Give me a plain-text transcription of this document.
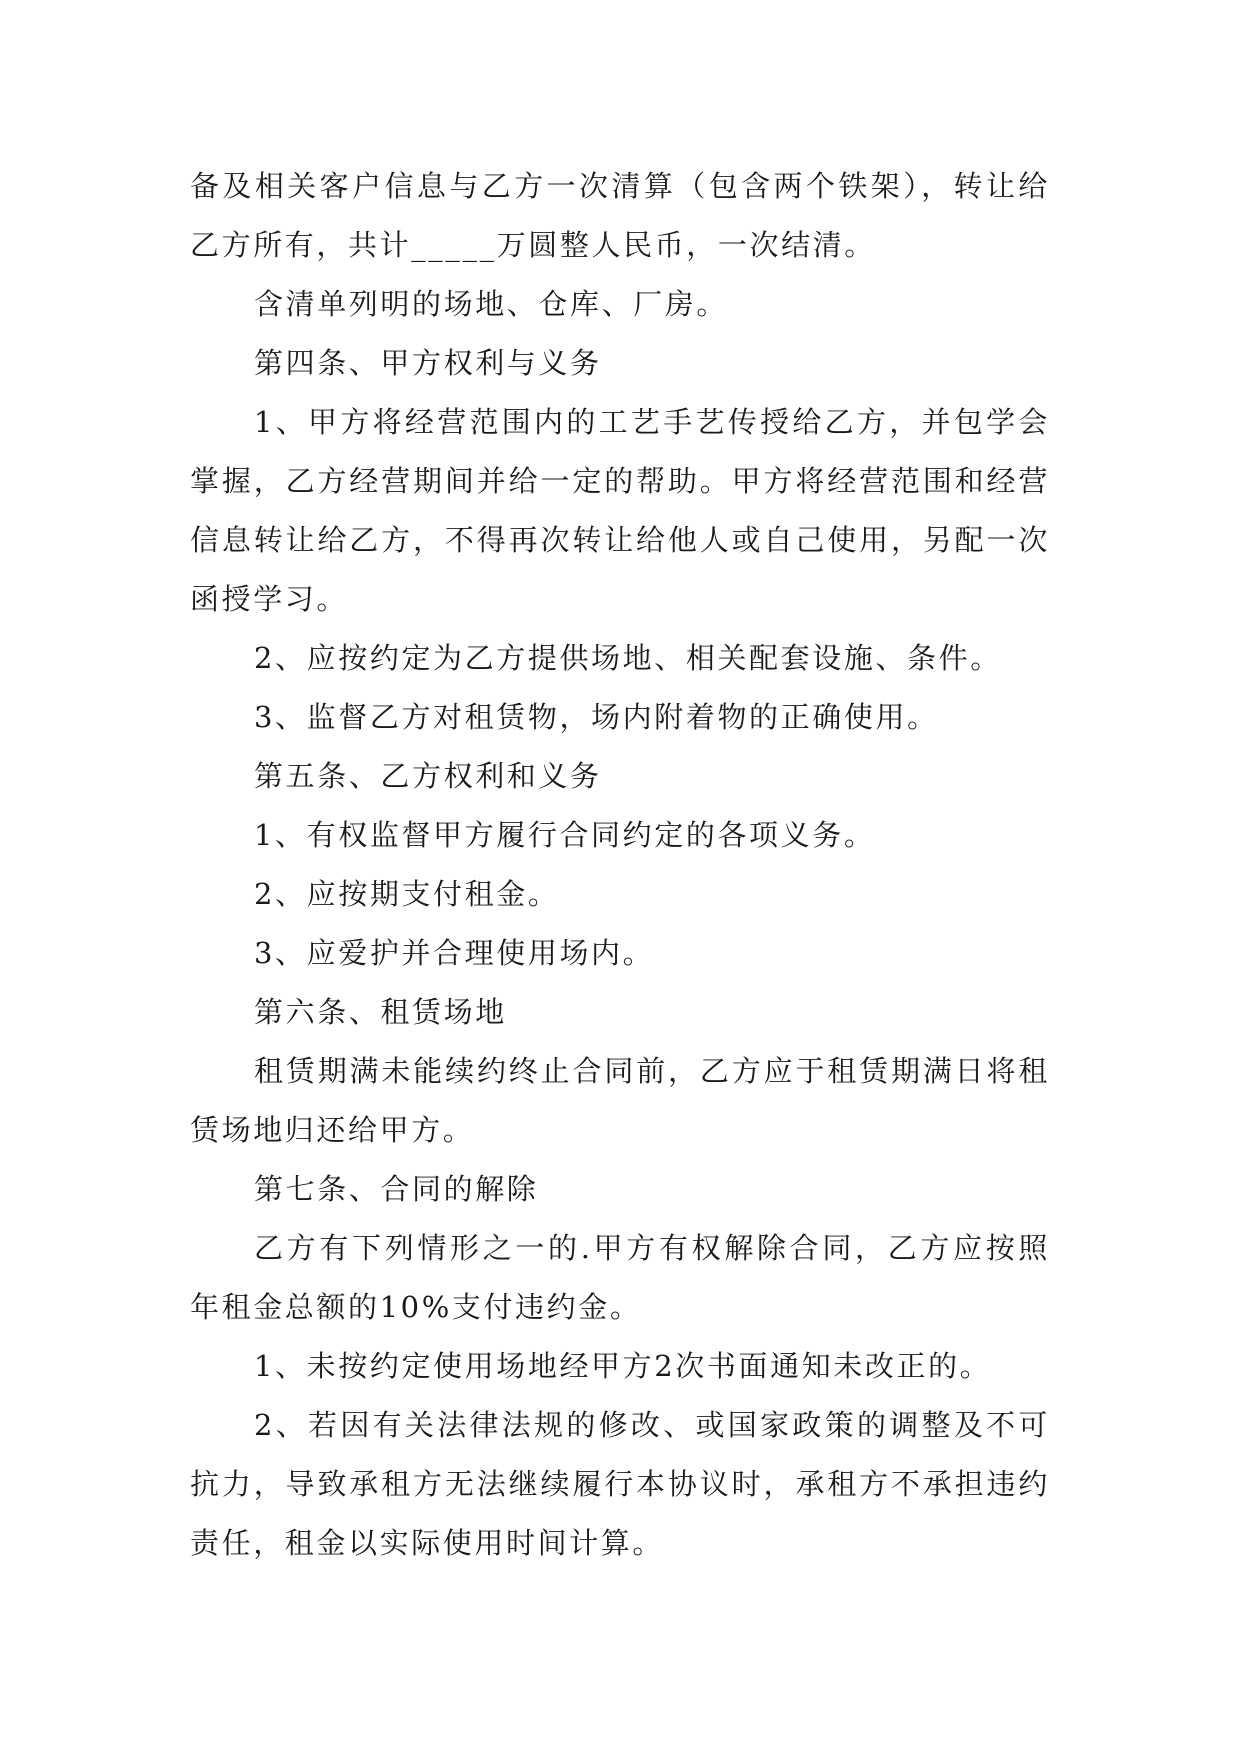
备及相关客户信息与乙方一次清算（包含两个铁架），转让给乙方所有，共计_____万圆整人民币，一次结清。

含清单列明的场地、仓库、厂房。

第四条、甲方权利与义务

1、甲方将经营范围内的工艺手艺传授给乙方，并包学会掌握，乙方经营期间并给一定的帮助。甲方将经营范围和经营信息转让给乙方，不得再次转让给他人或自己使用，另配一次函授学习。

2、应按约定为乙方提供场地、相关配套设施、条件。

3、监督乙方对租赁物，场内附着物的正确使用。

第五条、乙方权利和义务

1、有权监督甲方履行合同约定的各项义务。

2、应按期支付租金。

3、应爱护并合理使用场内。

第六条、租赁场地

租赁期满未能续约终止合同前，乙方应于租赁期满日将租赁场地归还给甲方。

第七条、合同的解除

乙方有下列情形之一的.甲方有权解除合同，乙方应按照年租金总额的10%支付违约金。

1、未按约定使用场地经甲方2次书面通知未改正的。

2、若因有关法律法规的修改、或国家政策的调整及不可抗力，导致承租方无法继续履行本协议时，承租方不承担违约责任，租金以实际使用时间计算。
